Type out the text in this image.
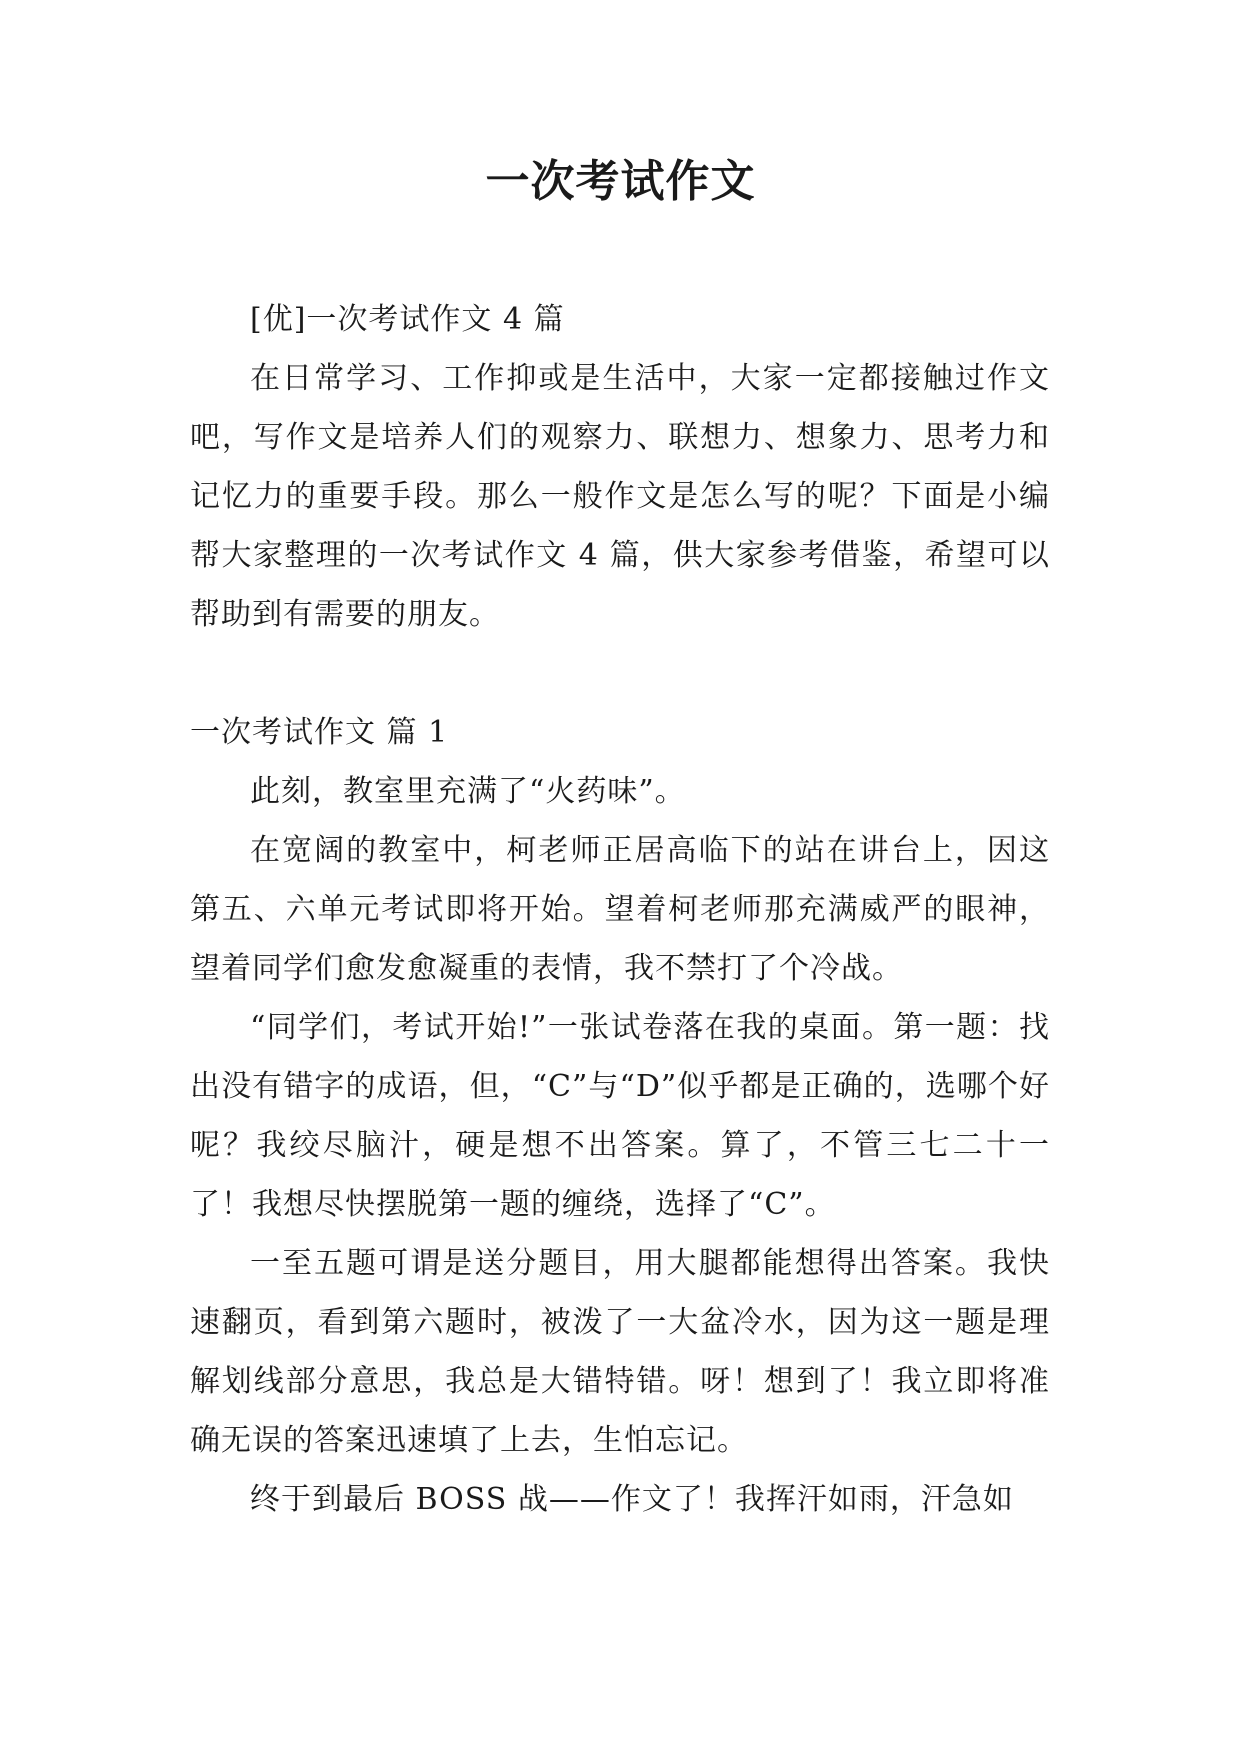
一次考试作文

[优]一次考试作文 4 篇

在日常学习、工作抑或是生活中，大家一定都接触过作文吧，写作文是培养人们的观察力、联想力、想象力、思考力和记忆力的重要手段。那么一般作文是怎么写的呢？下面是小编帮大家整理的一次考试作文 4 篇，供大家参考借鉴，希望可以帮助到有需要的朋友。

一次考试作文 篇 1

此刻，教室里充满了“火药味”。

在宽阔的教室中，柯老师正居高临下的站在讲台上，因这第五、六单元考试即将开始。望着柯老师那充满威严的眼神，望着同学们愈发愈凝重的表情，我不禁打了个冷战。

“同学们，考试开始!”一张试卷落在我的桌面。第一题：找出没有错字的成语，但，“C”与“D”似乎都是正确的，选哪个好呢？我绞尽脑汁，硬是想不出答案。算了，不管三七二十一了！我想尽快摆脱第一题的缠绕，选择了“C”。

一至五题可谓是送分题目，用大腿都能想得出答案。我快速翻页，看到第六题时，被泼了一大盆冷水，因为这一题是理解划线部分意思，我总是大错特错。呀！想到了！我立即将准确无误的答案迅速填了上去，生怕忘记。

终于到最后 BOSS 战——作文了！我挥汗如雨，汗急如
